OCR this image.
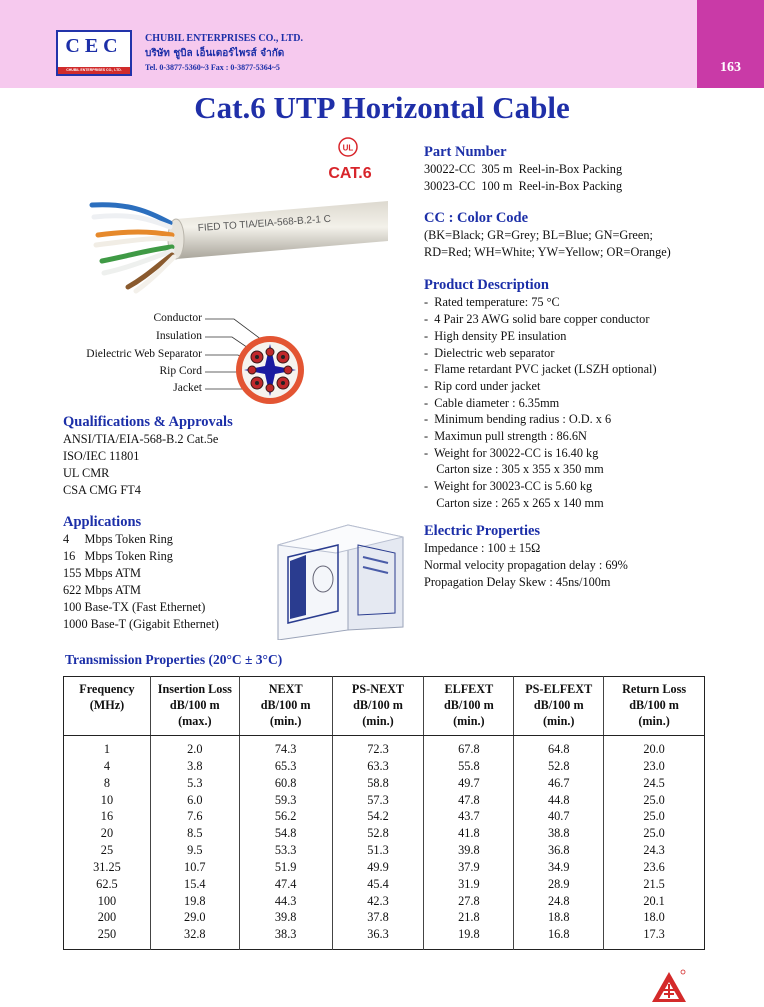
163
CEC
CHUBIL ENTERPRISES CO., LTD.
CHUBIL ENTERPRISES CO., LTD.
บริษัท ชูบิล เอ็นเตอร์ไพรส์ จำกัด
Tel. 0-3877-5360~3 Fax : 0-3877-5364~5
Cat.6 UTP Horizontal Cable
FIED TO TIA/EIA-568-B.2-1 C
UL
CAT.6
Conductor
Insulation
Dielectric Web Separator
Rip Cord
Jacket
Qualifications & Approvals
ANSI/TIA/EIA-568-B.2 Cat.5e
ISO/IEC 11801
UL CMR
CSA CMG FT4
Applications
4     Mbps Token Ring
16   Mbps Token Ring
155 Mbps ATM
622 Mbps ATM
100 Base-TX (Fast Ethernet)
1000 Base-T (Gigabit Ethernet)
Part Number
30022-CC  305 m  Reel-in-Box Packing
30023-CC  100 m  Reel-in-Box Packing
CC : Color Code
(BK=Black; GR=Grey; BL=Blue; GN=Green;
RD=Red; WH=White; YW=Yellow; OR=Orange)
Product Description
-  Rated temperature: 75 °C
-  4 Pair 23 AWG solid bare copper conductor
-  High density PE insulation
-  Dielectric web separator
-  Flame retardant PVC jacket (LSZH optional)
-  Rip cord under jacket
-  Cable diameter : 6.35mm
-  Minimum bending radius : O.D. x 6
-  Maximun pull strength : 86.6N
-  Weight for 30022-CC is 16.40 kg
Carton size : 305 x 355 x 350 mm
-  Weight for 30023-CC is 5.60 kg
Carton size : 265 x 265 x 140 mm
Electric Properties
Impedance : 100 ± 15Ω
Normal velocity propagation delay : 69%
Propagation Delay Skew : 45ns/100m
Transmission Properties (20°C ± 3°C)
Frequency
(MHz)	Insertion Loss
dB/100 m
(max.)	NEXT
dB/100 m
(min.)	PS-NEXT
dB/100 m
(min.)	ELFEXT
dB/100 m
(min.)	PS-ELFEXT
dB/100 m
(min.)	Return Loss
dB/100 m
(min.)
1	2.0	74.3	72.3	67.8	64.8	20.0
4	3.8	65.3	63.3	55.8	52.8	23.0
8	5.3	60.8	58.8	49.7	46.7	24.5
10	6.0	59.3	57.3	47.8	44.8	25.0
16	7.6	56.2	54.2	43.7	40.7	25.0
20	8.5	54.8	52.8	41.8	38.8	25.0
25	9.5	53.3	51.3	39.8	36.8	24.3
31.25	10.7	51.9	49.9	37.9	34.9	23.6
62.5	15.4	47.4	45.4	31.9	28.9	21.5
100	19.8	44.3	42.3	27.8	24.8	20.1
200	29.0	39.8	37.8	21.8	18.8	18.0
250	32.8	38.3	36.3	19.8	16.8	17.3
